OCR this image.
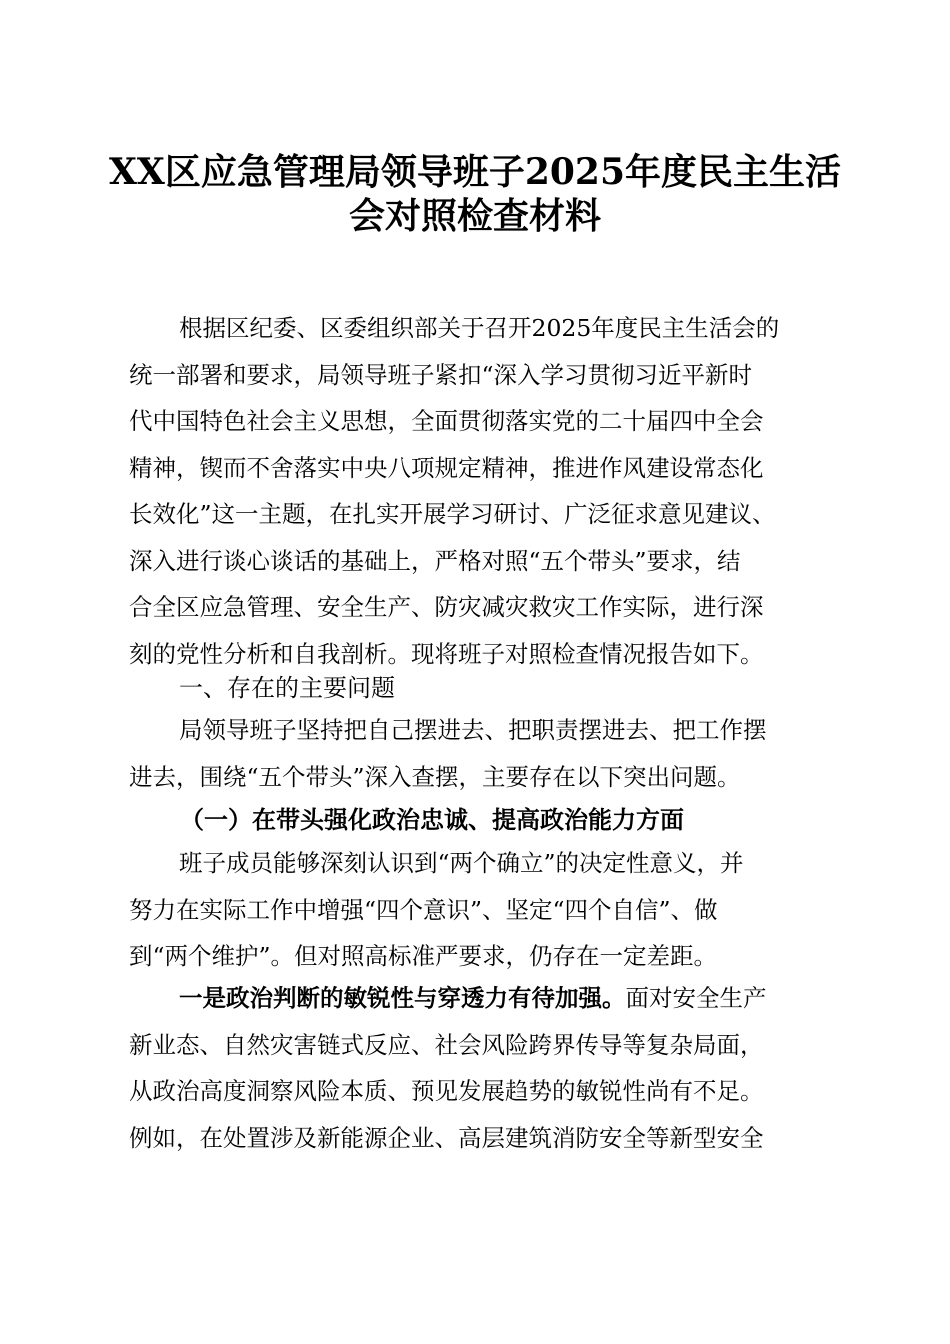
XX区应急管理局领导班子2025年度民主生活
会对照检查材料
根据区纪委、区委组织部关于召开2025年度民主生活会的
统一部署和要求，局领导班子紧扣“深入学习贯彻习近平新时
代中国特色社会主义思想，全面贯彻落实党的二十届四中全会
精神，锲而不舍落实中央八项规定精神，推进作风建设常态化
长效化”这一主题，在扎实开展学习研讨、广泛征求意见建议、
深入进行谈心谈话的基础上，严格对照“五个带头”要求，结
合全区应急管理、安全生产、防灾减灾救灾工作实际，进行深
刻的党性分析和自我剖析。现将班子对照检查情况报告如下。
一、存在的主要问题
局领导班子坚持把自己摆进去、把职责摆进去、把工作摆
进去，围绕“五个带头”深入查摆，主要存在以下突出问题。
（一）在带头强化政治忠诚、提高政治能力方面
班子成员能够深刻认识到“两个确立”的决定性意义，并
努力在实际工作中增强“四个意识”、坚定“四个自信”、做
到“两个维护”。但对照高标准严要求，仍存在一定差距。
一是政治判断的敏锐性与穿透力有待加强。面对安全生产
新业态、自然灾害链式反应、社会风险跨界传导等复杂局面，
从政治高度洞察风险本质、预见发展趋势的敏锐性尚有不足。
例如，在处置涉及新能源企业、高层建筑消防安全等新型安全
